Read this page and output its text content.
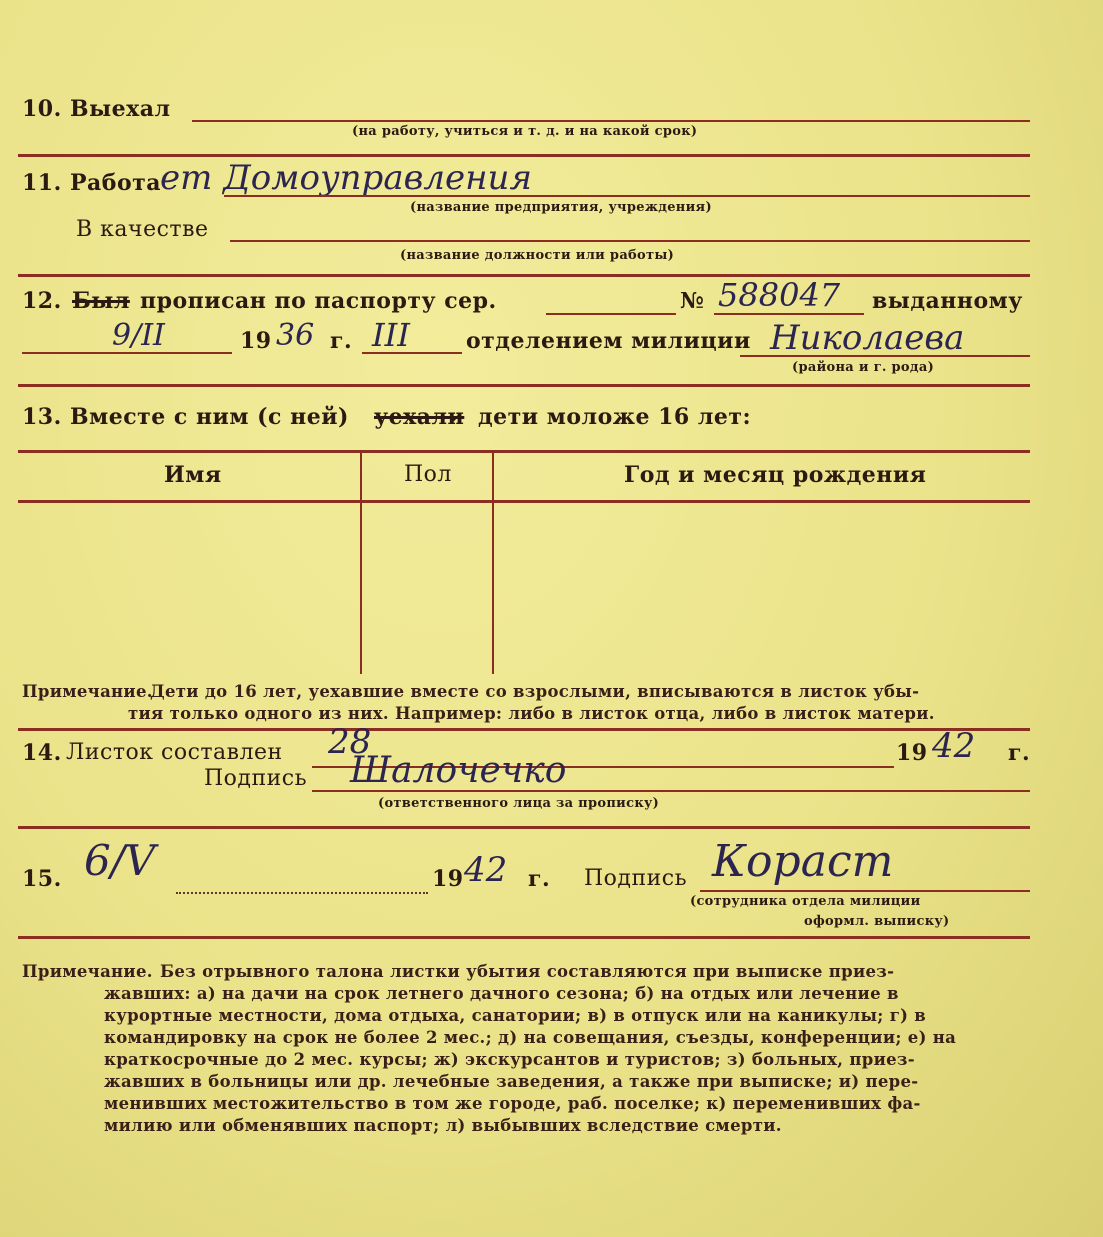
10. Выехал
(на работу, учиться и т. д. и на какой срок)
11. Работа
ет Домоуправления
(название предприятия, учреждения)
В качестве
(название должности или работы)
12. Был прописан по паспорту сер.	№ 588047 выданному
9/II	19 36 г. III	отделением милиции Николаева
(района и г. рода)
13. Вместе с ним (с ней) уехали дети моложе 16 лет:
Имя	Пол	Год и месяц рождения
Примечание.
Дети до 16 лет, уехавшие вместе со взрослыми, вписываются в листок убы-
тия только одного из них. Например: либо в листок отца, либо в листок матери.
14. Листок составлен 28	19 42 г.
Подпись Шалочечко
(ответственного лица за прописку)
15. 6/V	19 42 г. Подпись Кораст
(сотрудника отдела милиции
оформл. выписку)
Примечание. Без отрывного талона листки убытия составляются при выписке приез-
жавших: а) на дачи на срок летнего дачного сезона; б) на отдых или лечение в
курортные местности, дома отдыха, санатории; в) в отпуск или на каникулы; г) в
командировку на срок не более 2 мес.; д) на совещания, съезды, конференции; е) на
краткосрочные до 2 мес. курсы; ж) экскурсантов и туристов; з) больных, приез-
жавших в больницы или др. лечебные заведения, а также при выписке; и) пере-
менивших местожительство в том же городе, раб. поселке; к) переменивших фа-
милию или обменявших паспорт; л) выбывших вследствие смерти.
